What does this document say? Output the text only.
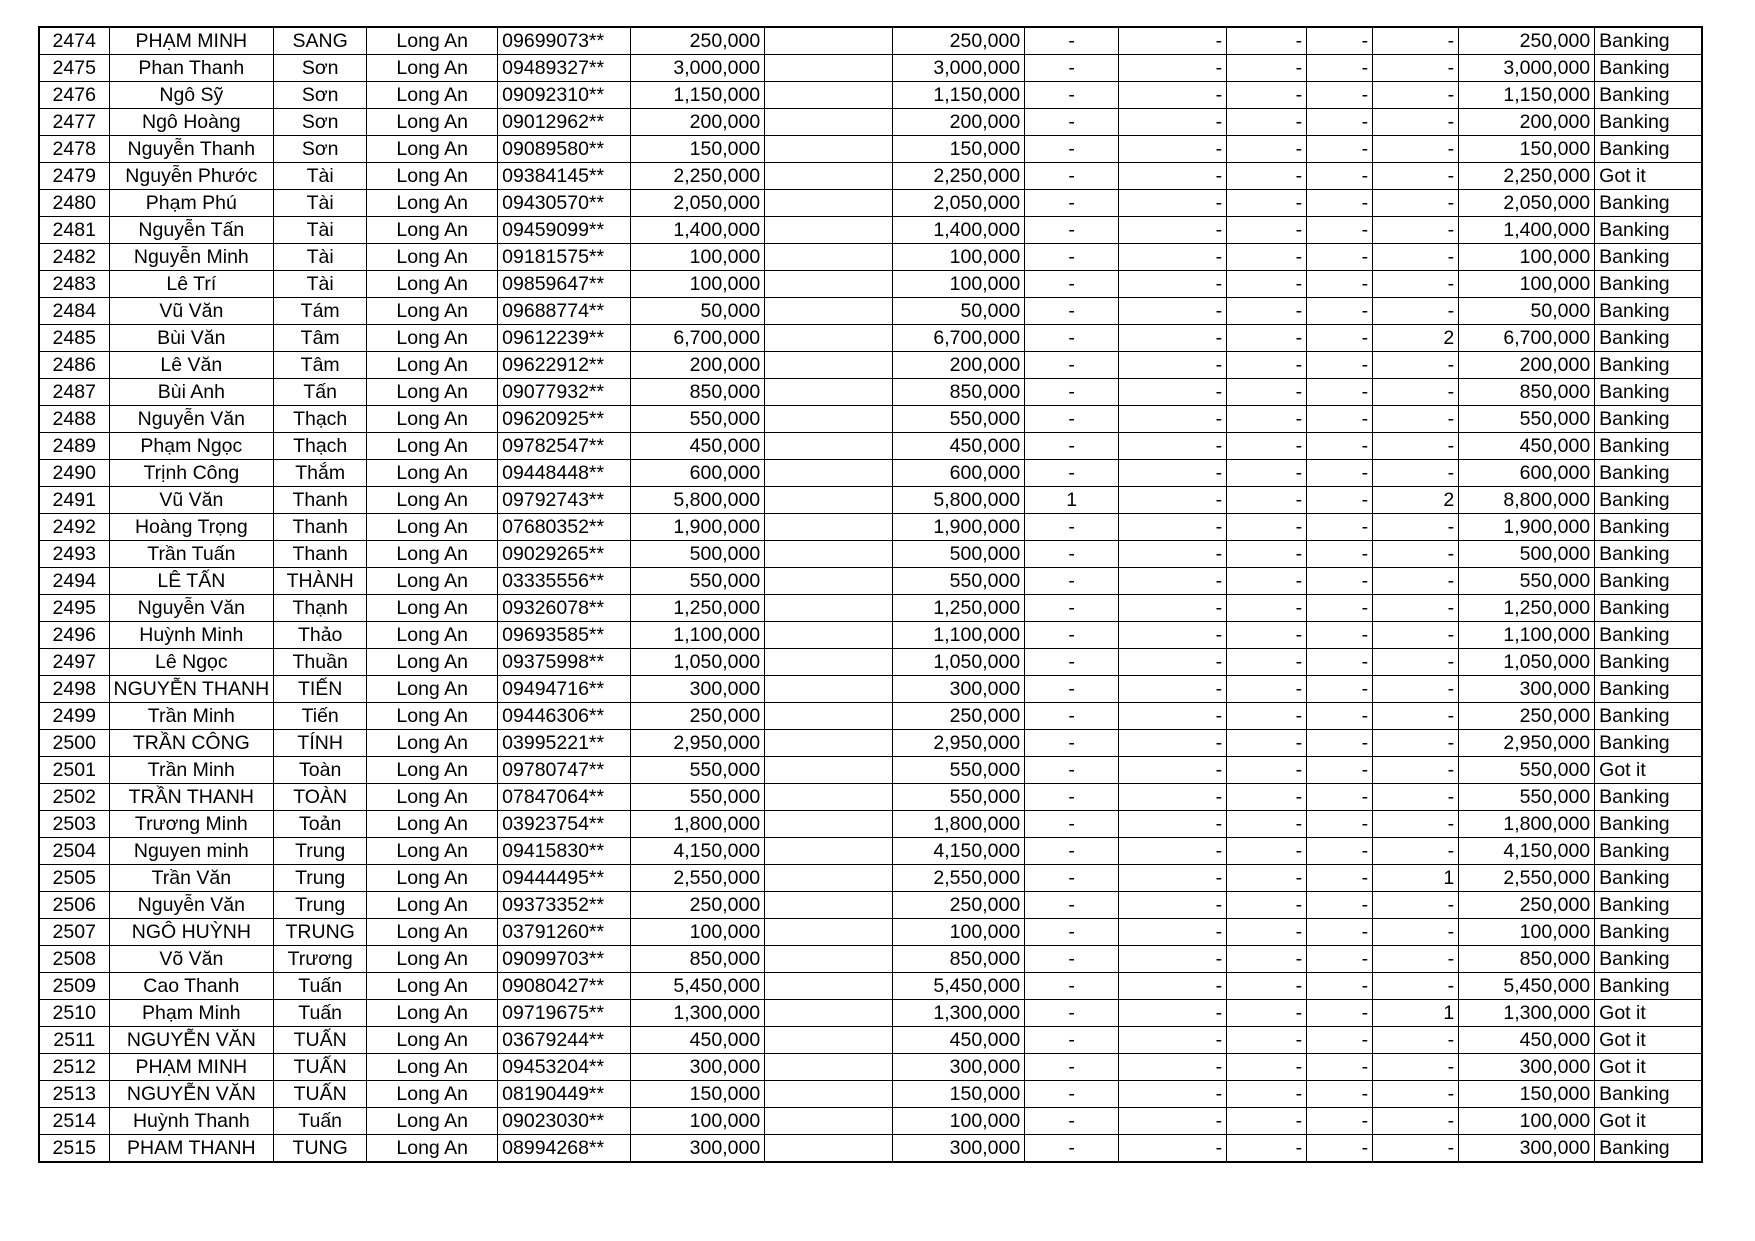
2474	PHẠM MINH	SANG	Long An	09699073**	250,000		250,000	-	-	-	-	-	250,000	Banking
2475	Phan Thanh	Sơn	Long An	09489327**	3,000,000		3,000,000	-	-	-	-	-	3,000,000	Banking
2476	Ngô Sỹ	Sơn	Long An	09092310**	1,150,000		1,150,000	-	-	-	-	-	1,150,000	Banking
2477	Ngô Hoàng	Sơn	Long An	09012962**	200,000		200,000	-	-	-	-	-	200,000	Banking
2478	Nguyễn Thanh	Sơn	Long An	09089580**	150,000		150,000	-	-	-	-	-	150,000	Banking
2479	Nguyễn Phước	Tài	Long An	09384145**	2,250,000		2,250,000	-	-	-	-	-	2,250,000	Got it
2480	Phạm Phú	Tài	Long An	09430570**	2,050,000		2,050,000	-	-	-	-	-	2,050,000	Banking
2481	Nguyễn Tấn	Tài	Long An	09459099**	1,400,000		1,400,000	-	-	-	-	-	1,400,000	Banking
2482	Nguyễn Minh	Tài	Long An	09181575**	100,000		100,000	-	-	-	-	-	100,000	Banking
2483	Lê Trí	Tài	Long An	09859647**	100,000		100,000	-	-	-	-	-	100,000	Banking
2484	Vũ Văn	Tám	Long An	09688774**	50,000		50,000	-	-	-	-	-	50,000	Banking
2485	Bùi Văn	Tâm	Long An	09612239**	6,700,000		6,700,000	-	-	-	-	2	6,700,000	Banking
2486	Lê Văn	Tâm	Long An	09622912**	200,000		200,000	-	-	-	-	-	200,000	Banking
2487	Bùi Anh	Tấn	Long An	09077932**	850,000		850,000	-	-	-	-	-	850,000	Banking
2488	Nguyễn Văn	Thạch	Long An	09620925**	550,000		550,000	-	-	-	-	-	550,000	Banking
2489	Phạm Ngọc	Thạch	Long An	09782547**	450,000		450,000	-	-	-	-	-	450,000	Banking
2490	Trịnh Công	Thắm	Long An	09448448**	600,000		600,000	-	-	-	-	-	600,000	Banking
2491	Vũ Văn	Thanh	Long An	09792743**	5,800,000		5,800,000	1	-	-	-	2	8,800,000	Banking
2492	Hoàng Trọng	Thanh	Long An	07680352**	1,900,000		1,900,000	-	-	-	-	-	1,900,000	Banking
2493	Trần Tuấn	Thanh	Long An	09029265**	500,000		500,000	-	-	-	-	-	500,000	Banking
2494	LÊ TẤN	THÀNH	Long An	03335556**	550,000		550,000	-	-	-	-	-	550,000	Banking
2495	Nguyễn Văn	Thạnh	Long An	09326078**	1,250,000		1,250,000	-	-	-	-	-	1,250,000	Banking
2496	Huỳnh Minh	Thảo	Long An	09693585**	1,100,000		1,100,000	-	-	-	-	-	1,100,000	Banking
2497	Lê Ngọc	Thuần	Long An	09375998**	1,050,000		1,050,000	-	-	-	-	-	1,050,000	Banking
2498	NGUYỄN THANH	TIẾN	Long An	09494716**	300,000		300,000	-	-	-	-	-	300,000	Banking
2499	Trần Minh	Tiến	Long An	09446306**	250,000		250,000	-	-	-	-	-	250,000	Banking
2500	TRẦN CÔNG	TÍNH	Long An	03995221**	2,950,000		2,950,000	-	-	-	-	-	2,950,000	Banking
2501	Trần Minh	Toàn	Long An	09780747**	550,000		550,000	-	-	-	-	-	550,000	Got it
2502	TRẦN THANH	TOÀN	Long An	07847064**	550,000		550,000	-	-	-	-	-	550,000	Banking
2503	Trương Minh	Toản	Long An	03923754**	1,800,000		1,800,000	-	-	-	-	-	1,800,000	Banking
2504	Nguyen minh	Trung	Long An	09415830**	4,150,000		4,150,000	-	-	-	-	-	4,150,000	Banking
2505	Trần Văn	Trung	Long An	09444495**	2,550,000		2,550,000	-	-	-	-	1	2,550,000	Banking
2506	Nguyễn Văn	Trung	Long An	09373352**	250,000		250,000	-	-	-	-	-	250,000	Banking
2507	NGÔ HUỲNH	TRUNG	Long An	03791260**	100,000		100,000	-	-	-	-	-	100,000	Banking
2508	Võ Văn	Trương	Long An	09099703**	850,000		850,000	-	-	-	-	-	850,000	Banking
2509	Cao Thanh	Tuấn	Long An	09080427**	5,450,000		5,450,000	-	-	-	-	-	5,450,000	Banking
2510	Phạm Minh	Tuấn	Long An	09719675**	1,300,000		1,300,000	-	-	-	-	1	1,300,000	Got it
2511	NGUYỄN VĂN	TUẤN	Long An	03679244**	450,000		450,000	-	-	-	-	-	450,000	Got it
2512	PHẠM MINH	TUẤN	Long An	09453204**	300,000		300,000	-	-	-	-	-	300,000	Got it
2513	NGUYỄN VĂN	TUẤN	Long An	08190449**	150,000		150,000	-	-	-	-	-	150,000	Banking
2514	Huỳnh Thanh	Tuấn	Long An	09023030**	100,000		100,000	-	-	-	-	-	100,000	Got it
2515	PHAM THANH	TUNG	Long An	08994268**	300,000		300,000	-	-	-	-	-	300,000	Banking
